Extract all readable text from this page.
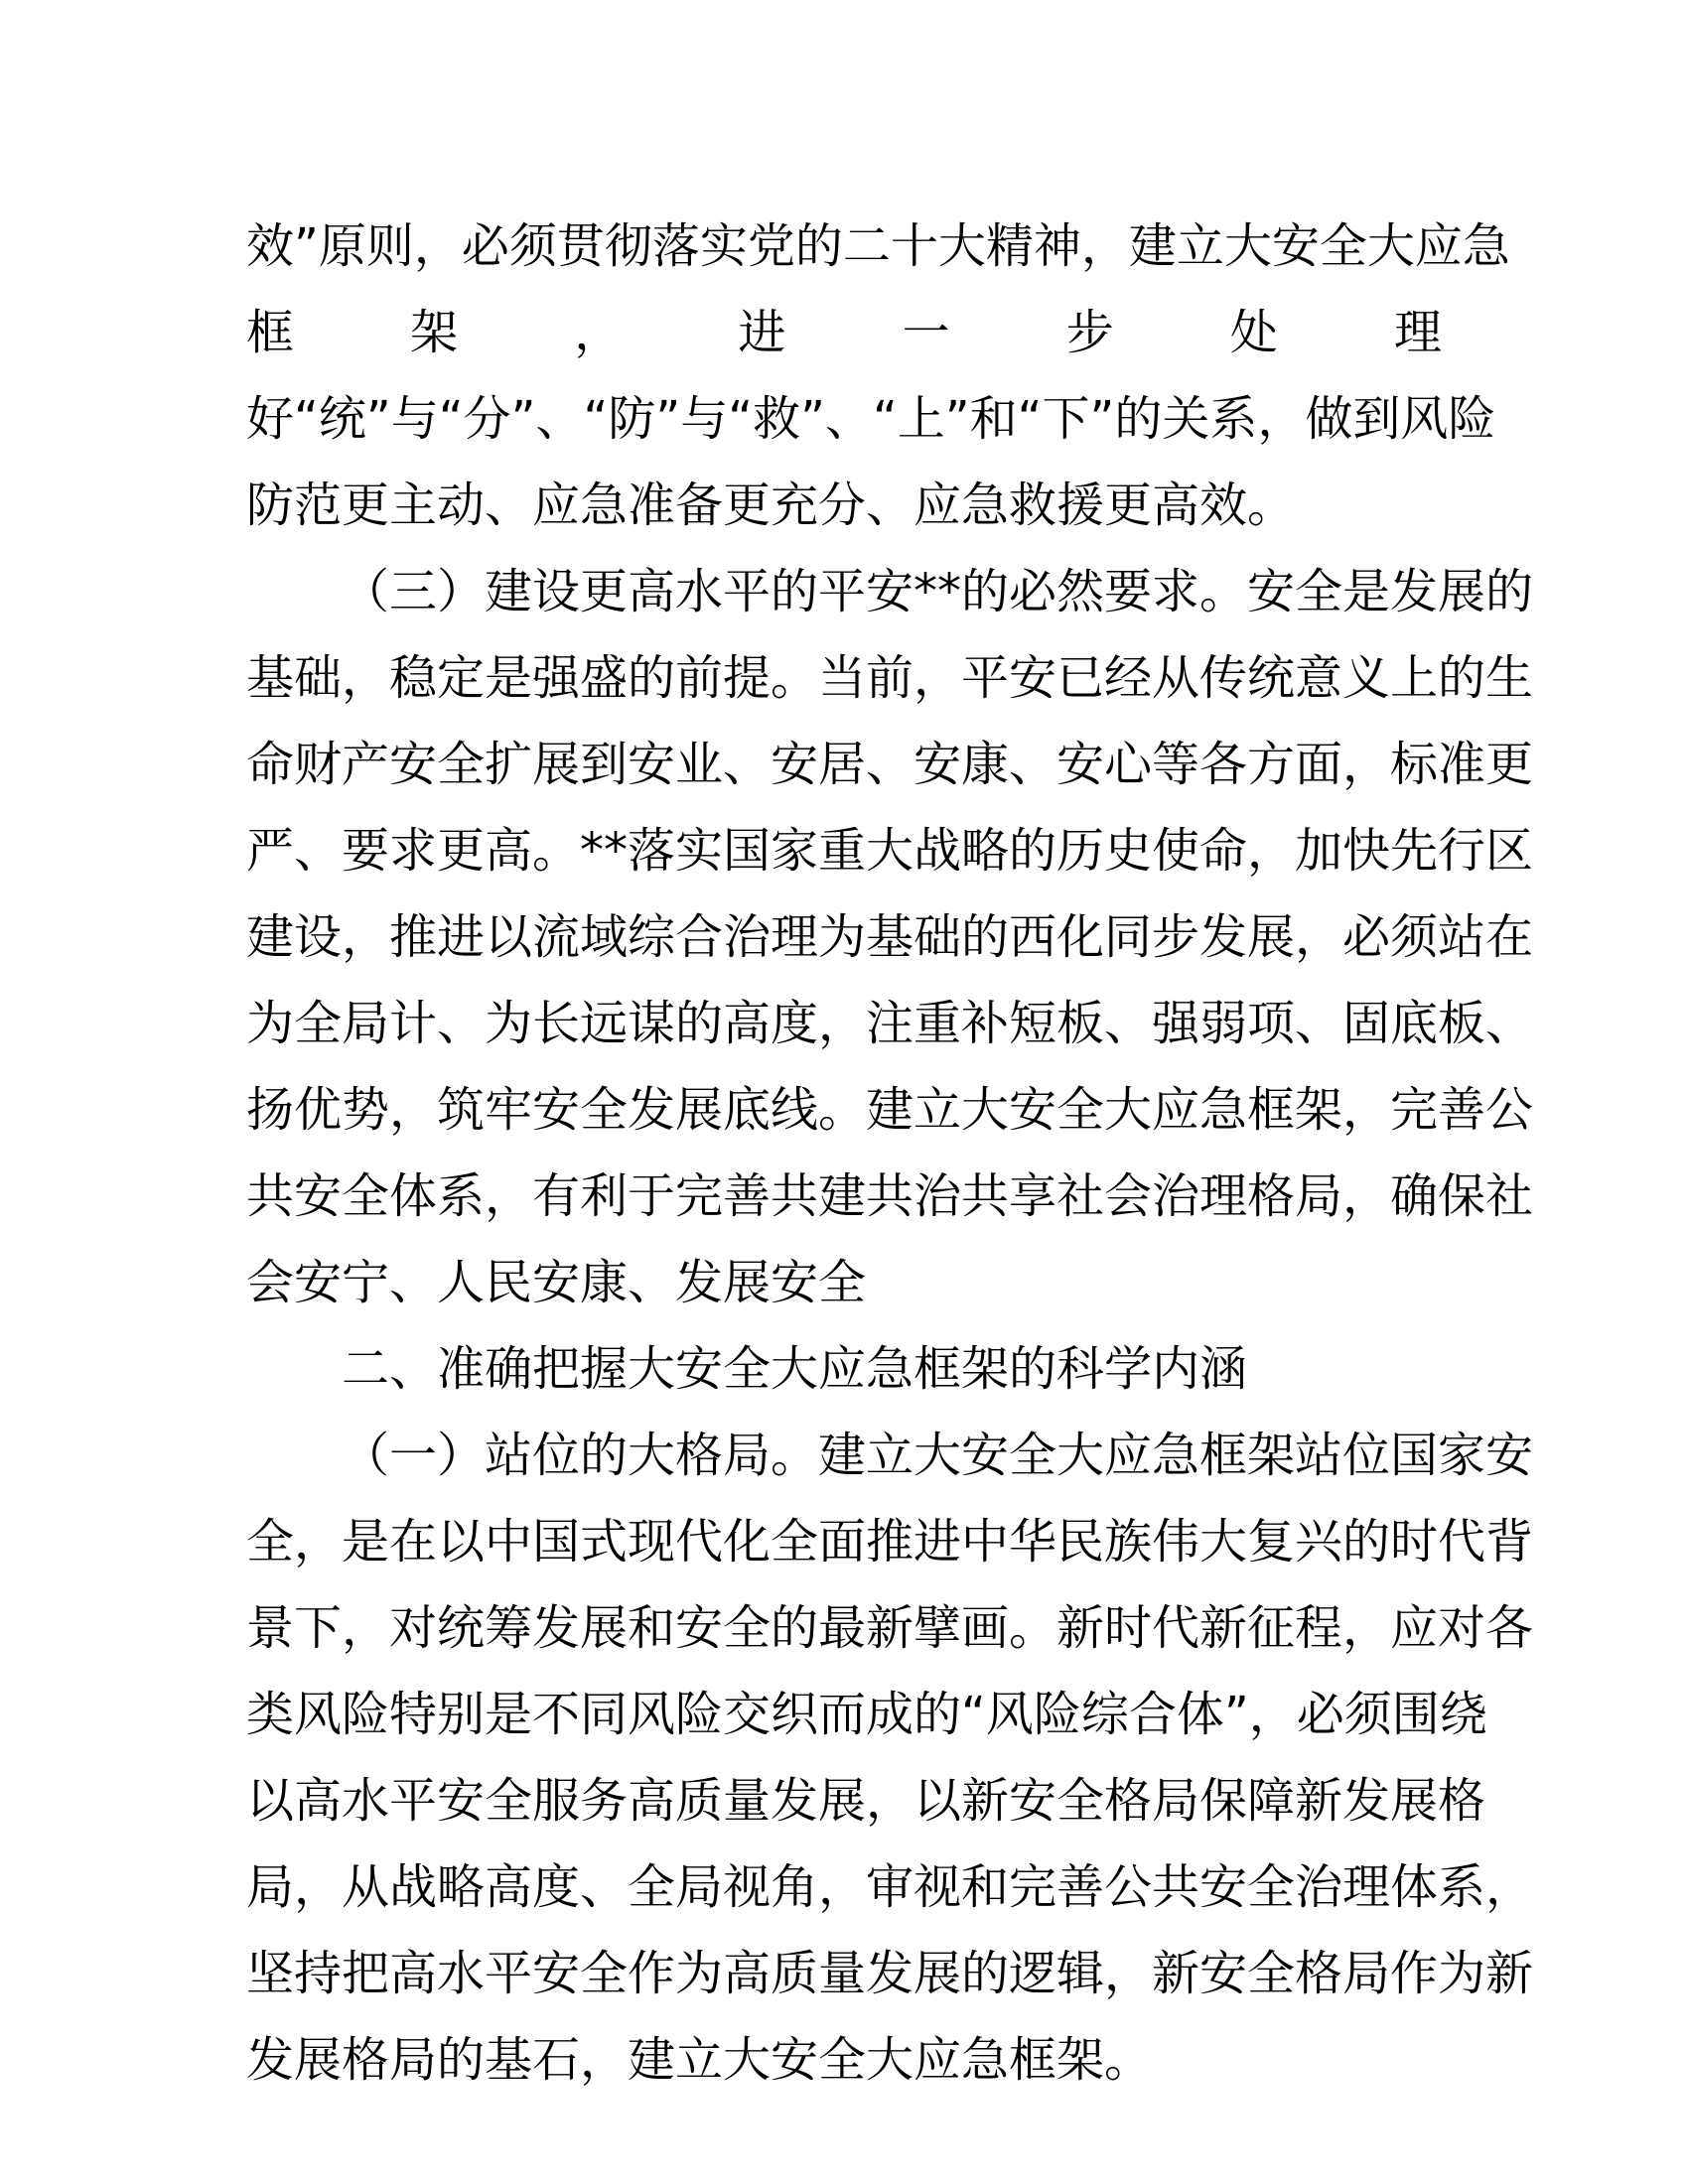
效”原则，必须贯彻落实党的二十大精神，建立大安全大应急
框 架 ， 进 一 步 处 理
好“统”与“分”、“防”与“救”、“上”和“下”的关系，做到风险
防范更主动、应急准备更充分、应急救援更高效。
（三）建设更高水平的平安**的必然要求。安全是发展的
基础，稳定是强盛的前提。当前，平安已经从传统意义上的生
命财产安全扩展到安业、安居、安康、安心等各方面，标准更
严、要求更高。**落实国家重大战略的历史使命，加快先行区
建设，推进以流域综合治理为基础的西化同步发展，必须站在
为全局计、为长远谋的高度，注重补短板、强弱项、固底板、
扬优势，筑牢安全发展底线。建立大安全大应急框架，完善公
共安全体系，有利于完善共建共治共享社会治理格局，确保社
会安宁、人民安康、发展安全
二、准确把握大安全大应急框架的科学内涵
（一）站位的大格局。建立大安全大应急框架站位国家安
全，是在以中国式现代化全面推进中华民族伟大复兴的时代背
景下，对统筹发展和安全的最新擘画。新时代新征程，应对各
类风险特别是不同风险交织而成的“风险综合体”，必须围绕
以高水平安全服务高质量发展，以新安全格局保障新发展格
局，从战略高度、全局视角，审视和完善公共安全治理体系，
坚持把高水平安全作为高质量发展的逻辑，新安全格局作为新
发展格局的基石，建立大安全大应急框架。
